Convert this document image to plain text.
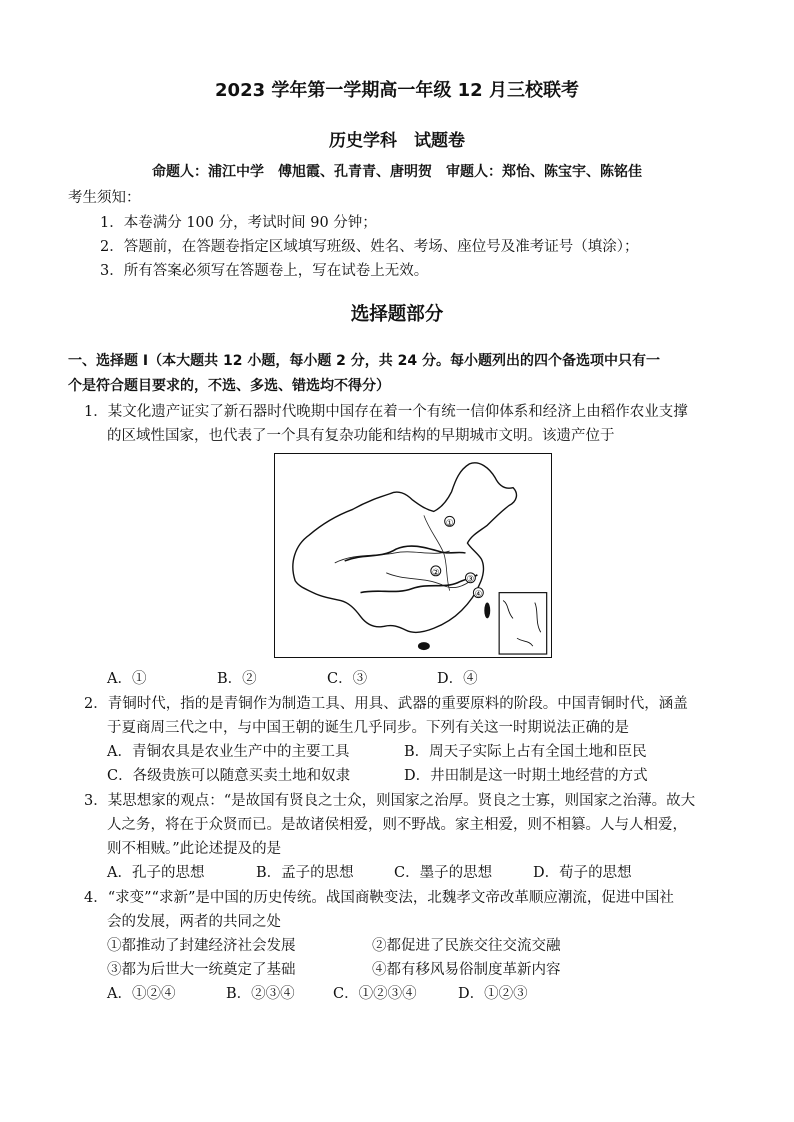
2023 学年第一学期高一年级 12 月三校联考
历史学科　试题卷
命题人：浦江中学　傅旭霞、孔青青、唐明贺　审题人：郑怡、陈宝宇、陈铭佳
考生须知：
1．本卷满分 100 分，考试时间 90 分钟；
2．答题前，在答题卷指定区域填写班级、姓名、考场、座位号及准考证号（填涂）；
3．所有答案必须写在答题卷上，写在试卷上无效。
选择题部分
一、选择题 I（本大题共 12 小题，每小题 2 分，共 24 分。每小题列出的四个备选项中只有一
个是符合题目要求的，不选、多选、错选均不得分）
1．某文化遗产证实了新石器时代晚期中国存在着一个有统一信仰体系和经济上由稻作农业支撑
的区域性国家，也代表了一个具有复杂功能和结构的早期城市文明。该遗产位于
①
②
③
④
A．①	B．②	C．③	D．④
2．青铜时代，指的是青铜作为制造工具、用具、武器的重要原料的阶段。中国青铜时代，涵盖
于夏商周三代之中，与中国王朝的诞生几乎同步。下列有关这一时期说法正确的是
A．青铜农具是农业生产中的主要工具	B．周天子实际上占有全国土地和臣民
C．各级贵族可以随意买卖土地和奴隶	D．井田制是这一时期土地经营的方式
3．某思想家的观点：“是故国有贤良之士众，则国家之治厚。贤良之士寡，则国家之治薄。故大
人之务，将在于众贤而已。是故诸侯相爱，则不野战。家主相爱，则不相篡。人与人相爱，
则不相贼。”此论述提及的是
A．孔子的思想	B．孟子的思想	C．墨子的思想	D．荀子的思想
4．“求变”“求新”是中国的历史传统。战国商鞅变法，北魏孝文帝改革顺应潮流，促进中国社
会的发展，两者的共同之处
①都推动了封建经济社会发展	②都促进了民族交往交流交融
③都为后世大一统奠定了基础	④都有移风易俗制度革新内容
A．①②④	B．②③④	C．①②③④	D．①②③
